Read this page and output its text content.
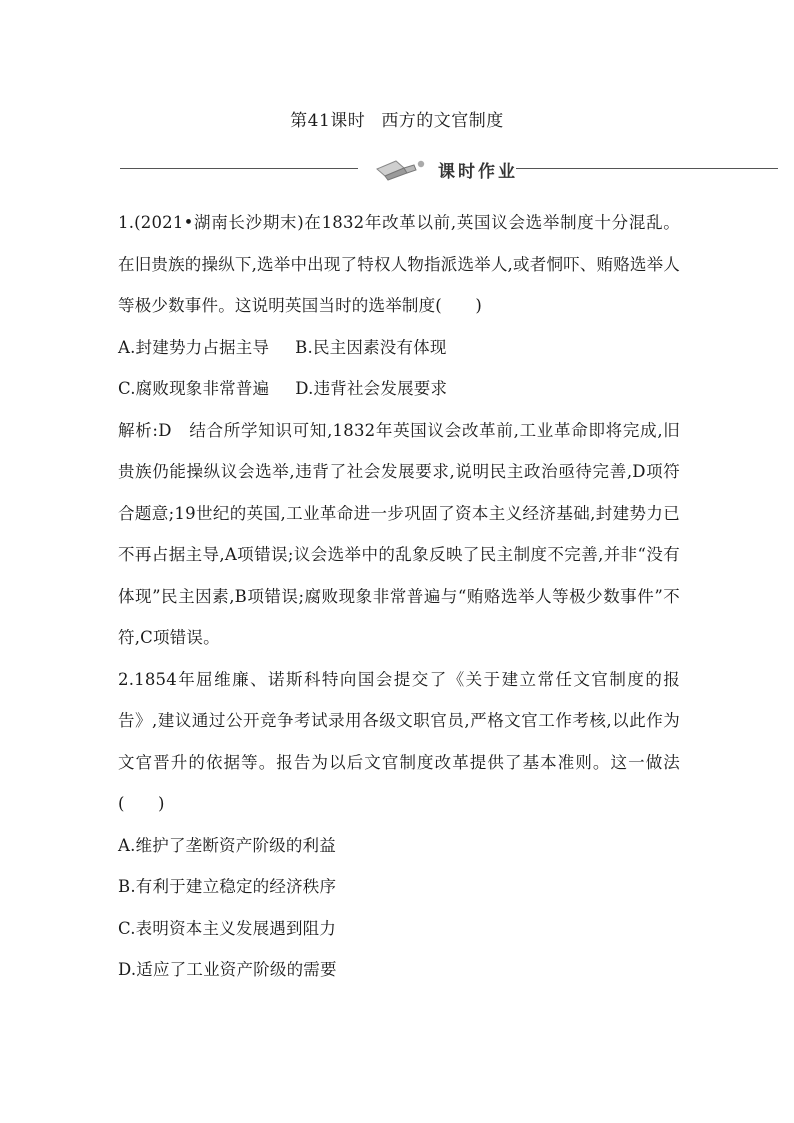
第41课时 西方的文官制度
课时作业

1.(2021•湖南长沙期末)在1832年改革以前,英国议会选举制度十分混乱。在旧贵族的操纵下,选举中出现了特权人物指派选举人,或者恫吓、贿赂选举人等极少数事件。这说明英国当时的选举制度(　　)

A.封建势力占据主导 B.民主因素没有体现

C.腐败现象非常普遍 D.违背社会发展要求

解析:D　结合所学知识可知,1832年英国议会改革前,工业革命即将完成,旧贵族仍能操纵议会选举,违背了社会发展要求,说明民主政治亟待完善,D项符合题意;19世纪的英国,工业革命进一步巩固了资本主义经济基础,封建势力已不再占据主导,A项错误;议会选举中的乱象反映了民主制度不完善,并非“没有体现”民主因素,B项错误;腐败现象非常普遍与“贿赂选举人等极少数事件”不符,C项错误。

2.1854年屈维廉、诺斯科特向国会提交了《关于建立常任文官制度的报告》,建议通过公开竞争考试录用各级文职官员,严格文官工作考核,以此作为文官晋升的依据等。报告为以后文官制度改革提供了基本准则。这一做法(　　)

A.维护了垄断资产阶级的利益

B.有利于建立稳定的经济秩序

C.表明资本主义发展遇到阻力

D.适应了工业资产阶级的需要
